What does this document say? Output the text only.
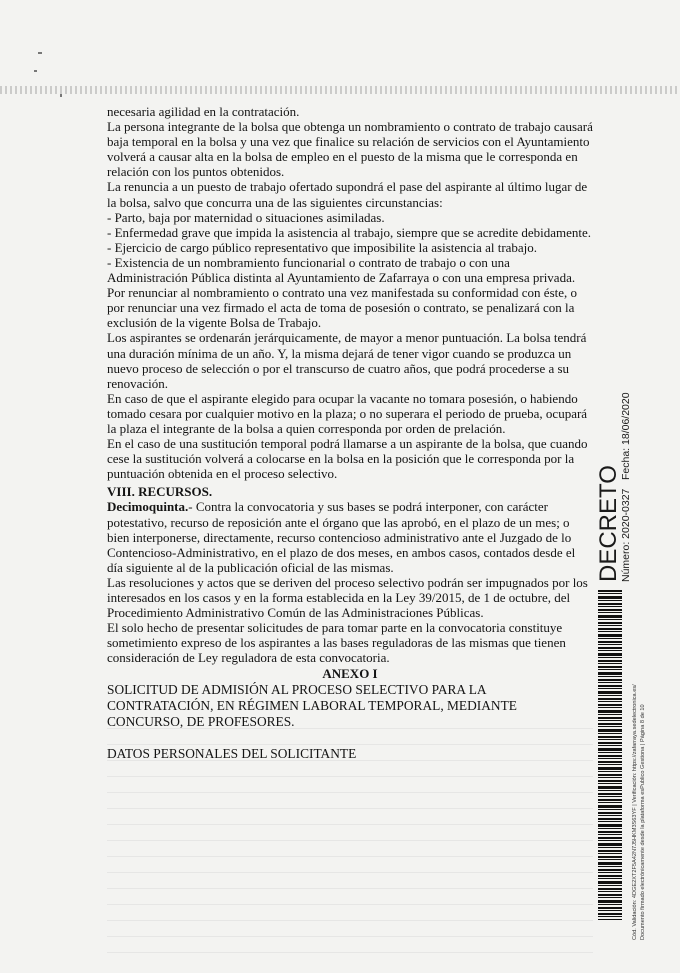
necesaria agilidad en la contratación.

La persona integrante de la bolsa que obtenga un nombramiento o contrato de trabajo causará baja temporal en la bolsa y una vez que finalice su relación de servicios con el Ayuntamiento volverá a causar alta en la bolsa de empleo en el puesto de la misma que le corresponda en relación con los puntos obtenidos.

La renuncia a un puesto de trabajo ofertado supondrá el pase del aspirante al último lugar de la bolsa, salvo que concurra una de las siguientes circunstancias:

- Parto, baja por maternidad o situaciones asimiladas.

- Enfermedad grave que impida la asistencia al trabajo, siempre que se acredite debidamente.

- Ejercicio de cargo público representativo que imposibilite la asistencia al trabajo.

- Existencia de un nombramiento funcionarial o contrato de trabajo o con una Administración Pública distinta al Ayuntamiento de Zafarraya o con una empresa privada.

Por renunciar al nombramiento o contrato una vez manifestada su conformidad con éste, o por renunciar una vez firmado el acta de toma de posesión o contrato, se penalizará con la exclusión de la vigente Bolsa de Trabajo.

Los aspirantes se ordenarán jerárquicamente, de mayor a menor puntuación. La bolsa tendrá una duración mínima de un año. Y, la misma dejará de tener vigor cuando se produzca un nuevo proceso de selección o por el transcurso de cuatro años, que podrá procederse a su renovación.

En caso de que el aspirante elegido para ocupar la vacante no tomara posesión, o habiendo tomado cesara por cualquier motivo en la plaza; o no superara el periodo de prueba, ocupará la plaza el integrante de la bolsa a quien corresponda por orden de prelación.

En el caso de una sustitución temporal podrá llamarse a un aspirante de la bolsa, que cuando cese la sustitución volverá a colocarse en la bolsa en la posición que le corresponda por la puntuación obtenida en el proceso selectivo.

VIII. RECURSOS.

Decimoquinta.- Contra la convocatoria y sus bases se podrá interponer, con carácter potestativo, recurso de reposición ante el órgano que las aprobó, en el plazo de un mes; o bien interponerse, directamente, recurso contencioso administrativo ante el Juzgado de lo Contencioso-Administrativo, en el plazo de dos meses, en ambos casos, contados desde el día siguiente al de la publicación oficial de las mismas.

Las resoluciones y actos que se deriven del proceso selectivo podrán ser impugnados por los interesados en los casos y en la forma establecida en la Ley 39/2015, de 1 de octubre, del Procedimiento Administrativo Común de las Administraciones Públicas.

El solo hecho de presentar solicitudes de para tomar parte en la convocatoria constituye sometimiento expreso de los aspirantes a las bases reguladoras de las mismas que tienen consideración de Ley reguladora de esta convocatoria.

ANEXO I

SOLICITUD DE ADMISIÓN AL PROCESO SELECTIVO PARA LA CONTRATACIÓN, EN RÉGIMEN LABORAL TEMPORAL, MEDIANTE CONCURSO, DE PROFESORES.

DATOS PERSONALES DEL SOLICITANTE

DECRETO
Número: 2020-0327
Fecha: 18/06/2020
Cód. Validación: 4DGE2XT2F5A42N7J5HKM3S63YF | Verificación: https://zafarraya.sedelectronica.es/ Documento firmado electrónicamente desde la plataforma esPublico Gestiona | Página 8 de 10
